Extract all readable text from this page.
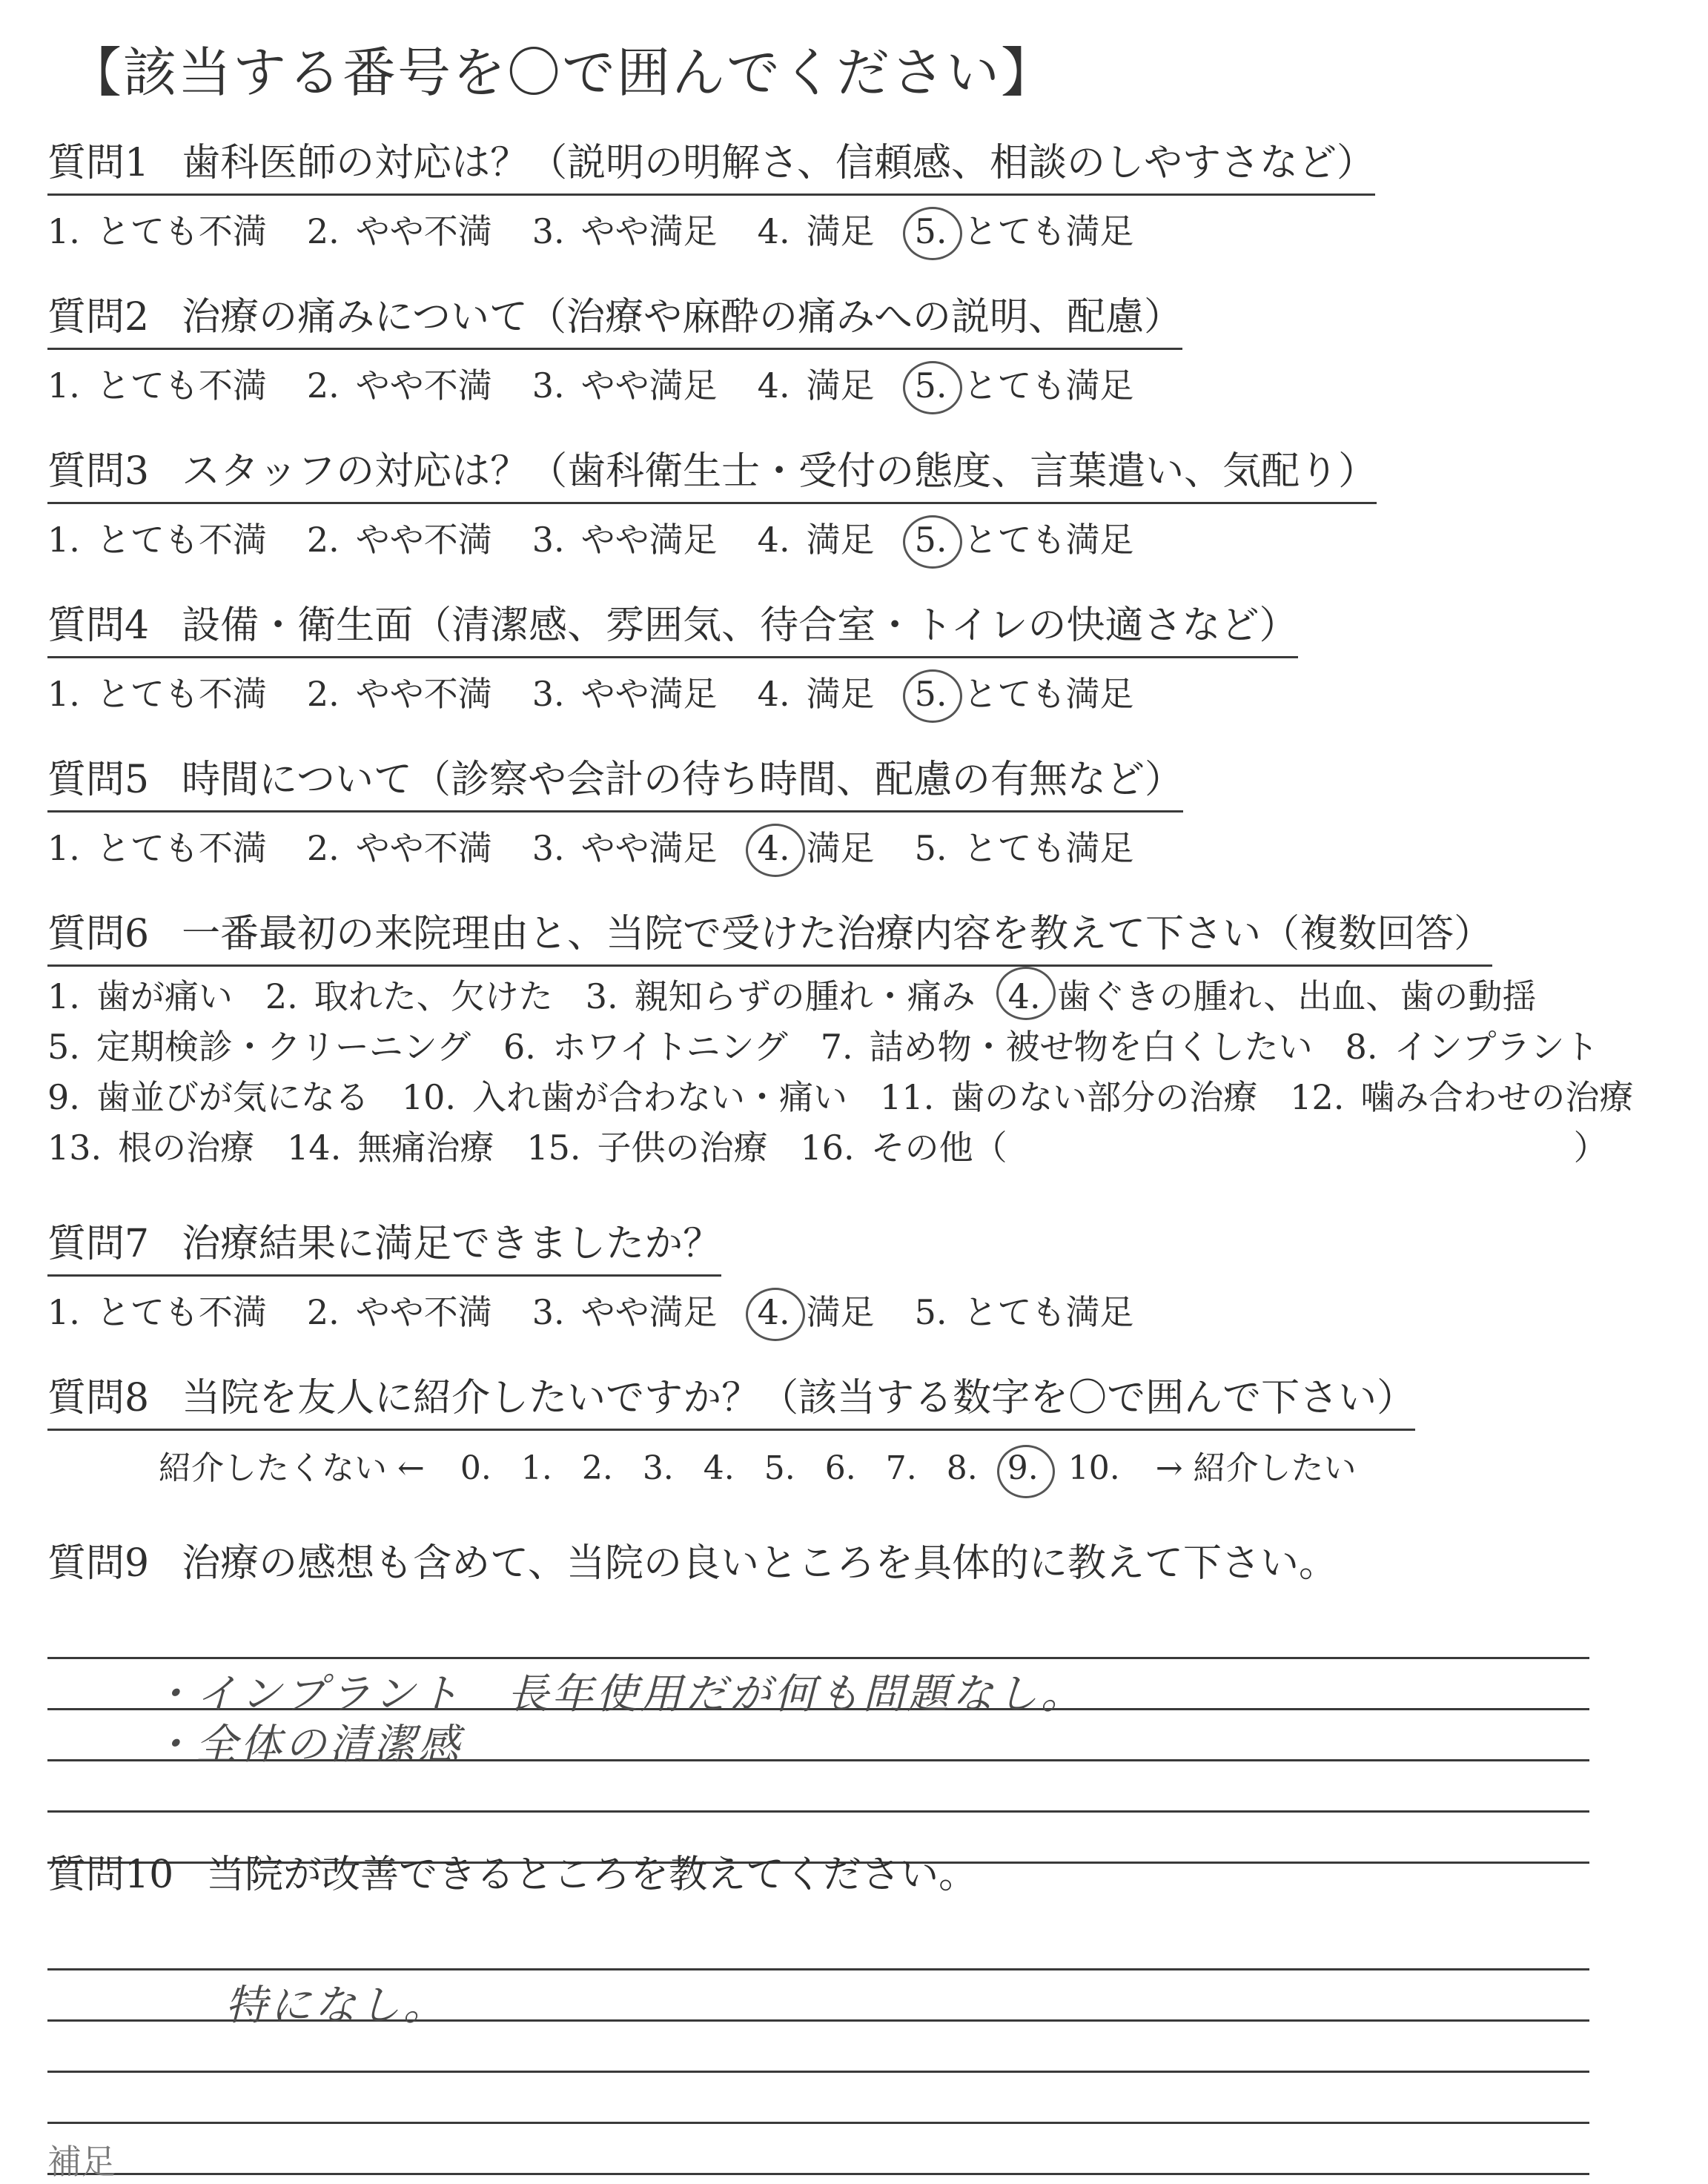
【該当する番号を〇で囲んでください】
質問1 歯科医師の対応は？（説明の明解さ、信頼感、相談のしやすさなど）
1. とても不満 2. やや不満 3. やや満足 4. 満足 5. とても満足
質問2 治療の痛みについて（治療や麻酔の痛みへの説明、配慮）
1. とても不満 2. やや不満 3. やや満足 4. 満足 5. とても満足
質問3 スタッフの対応は？（歯科衛生士・受付の態度、言葉遣い、気配り）
1. とても不満 2. やや不満 3. やや満足 4. 満足 5. とても満足
質問4 設備・衛生面（清潔感、雰囲気、待合室・トイレの快適さなど）
1. とても不満 2. やや不満 3. やや満足 4. 満足 5. とても満足
質問5 時間について（診察や会計の待ち時間、配慮の有無など）
1. とても不満 2. やや不満 3. やや満足 4. 満足 5. とても満足
質問6 一番最初の来院理由と、当院で受けた治療内容を教えて下さい（複数回答）
1. 歯が痛い 2. 取れた、欠けた 3. 親知らずの腫れ・痛み 4. 歯ぐきの腫れ、出血、歯の動揺
5. 定期検診・クリーニング 6. ホワイトニング 7. 詰め物・被せ物を白くしたい 8. インプラント
9. 歯並びが気になる 10. 入れ歯が合わない・痛い 11. 歯のない部分の治療 12. 噛み合わせの治療
13. 根の治療 14. 無痛治療 15. 子供の治療 16. その他（	）
質問7 治療結果に満足できましたか？
1. とても不満 2. やや不満 3. やや満足 4. 満足 5. とても満足
質問8 当院を友人に紹介したいですか？（該当する数字を〇で囲んで下さい）
紹介したくない ← 0. 1. 2. 3. 4. 5. 6. 7. 8. 9. 10. → 紹介したい
質問9 治療の感想も含めて、当院の良いところを具体的に教えて下さい。
・インプラント　長年使用だが何も問題なし。
・全体の清潔感
質問10 当院が改善できるところを教えてください。
特になし。
補足
